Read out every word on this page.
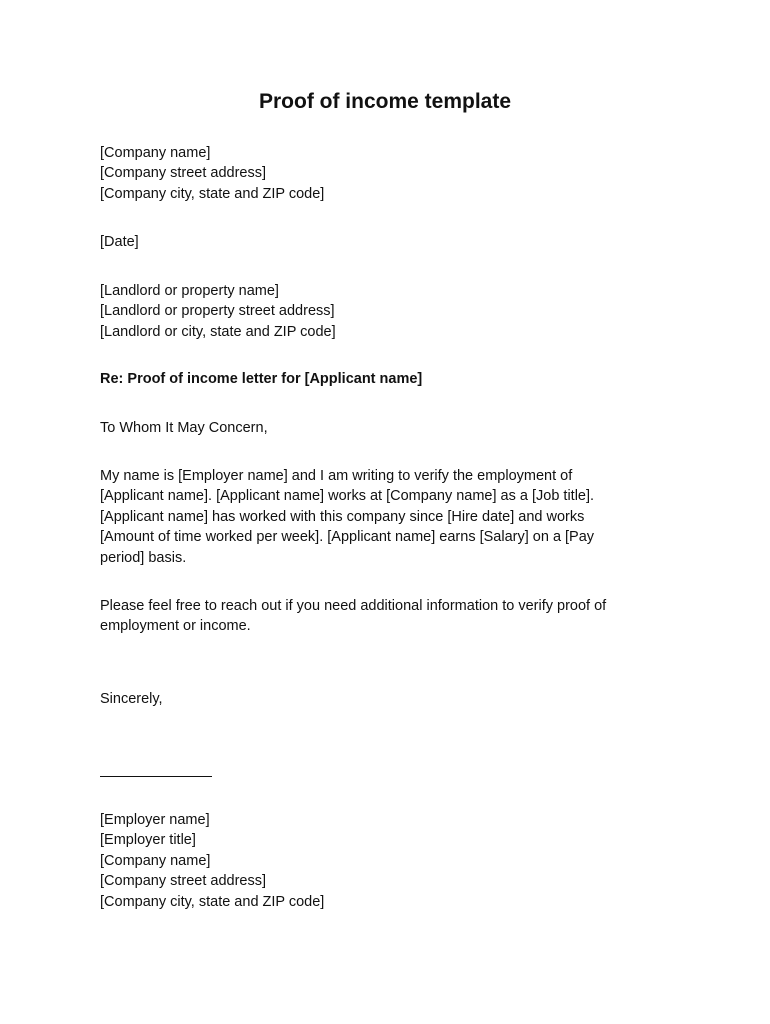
Proof of income template
[Company name]
[Company street address]
[Company city, state and ZIP code]
[Date]
[Landlord or property name]
[Landlord or property street address]
[Landlord or city, state and ZIP code]
Re: Proof of income letter for [Applicant name]
To Whom It May Concern,

My name is [Employer name] and I am writing to verify the employment of
[Applicant name]. [Applicant name] works at [Company name] as a [Job title].
[Applicant name] has worked with this company since [Hire date] and works
[Amount of time worked per week]. [Applicant name] earns [Salary] on a [Pay
period] basis.

Please feel free to reach out if you need additional information to verify proof of
employment or income.

Sincerely,
[Employer name]
[Employer title]
[Company name]
[Company street address]
[Company city, state and ZIP code]
